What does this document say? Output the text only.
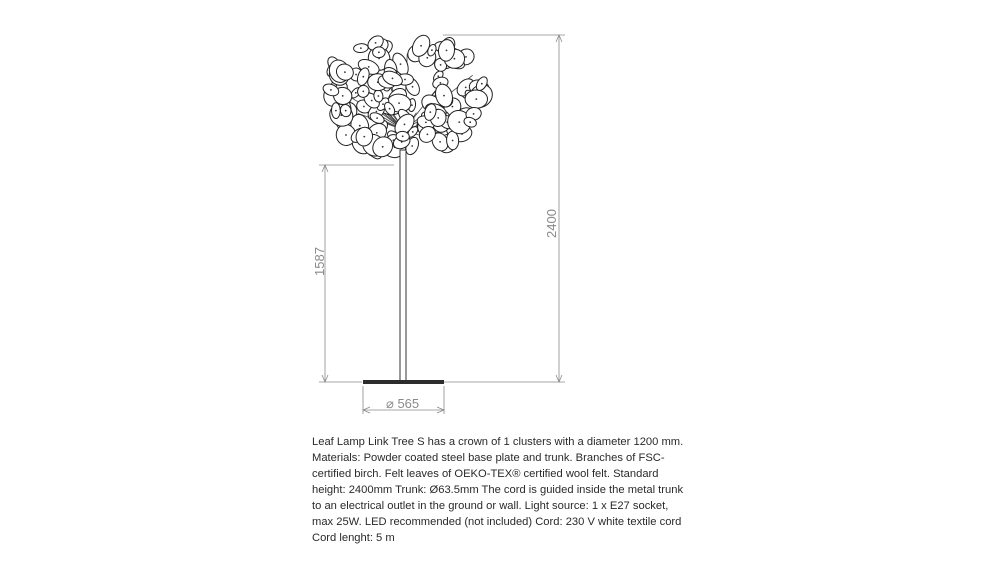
2400
1587
⌀ 565
Leaf Lamp Link Tree S has a crown of 1 clusters with a diameter 1200 mm.
Materials: Powder coated steel base plate and trunk. Branches of FSC-
certified birch. Felt leaves of OEKO-TEX® certified wool felt. Standard
height: 2400mm Trunk: Ø63.5mm The cord is guided inside the metal trunk
to an electrical outlet in the ground or wall. Light source: 1 x E27 socket,
max 25W. LED recommended (not included) Cord: 230 V white textile cord
Cord lenght: 5 m
